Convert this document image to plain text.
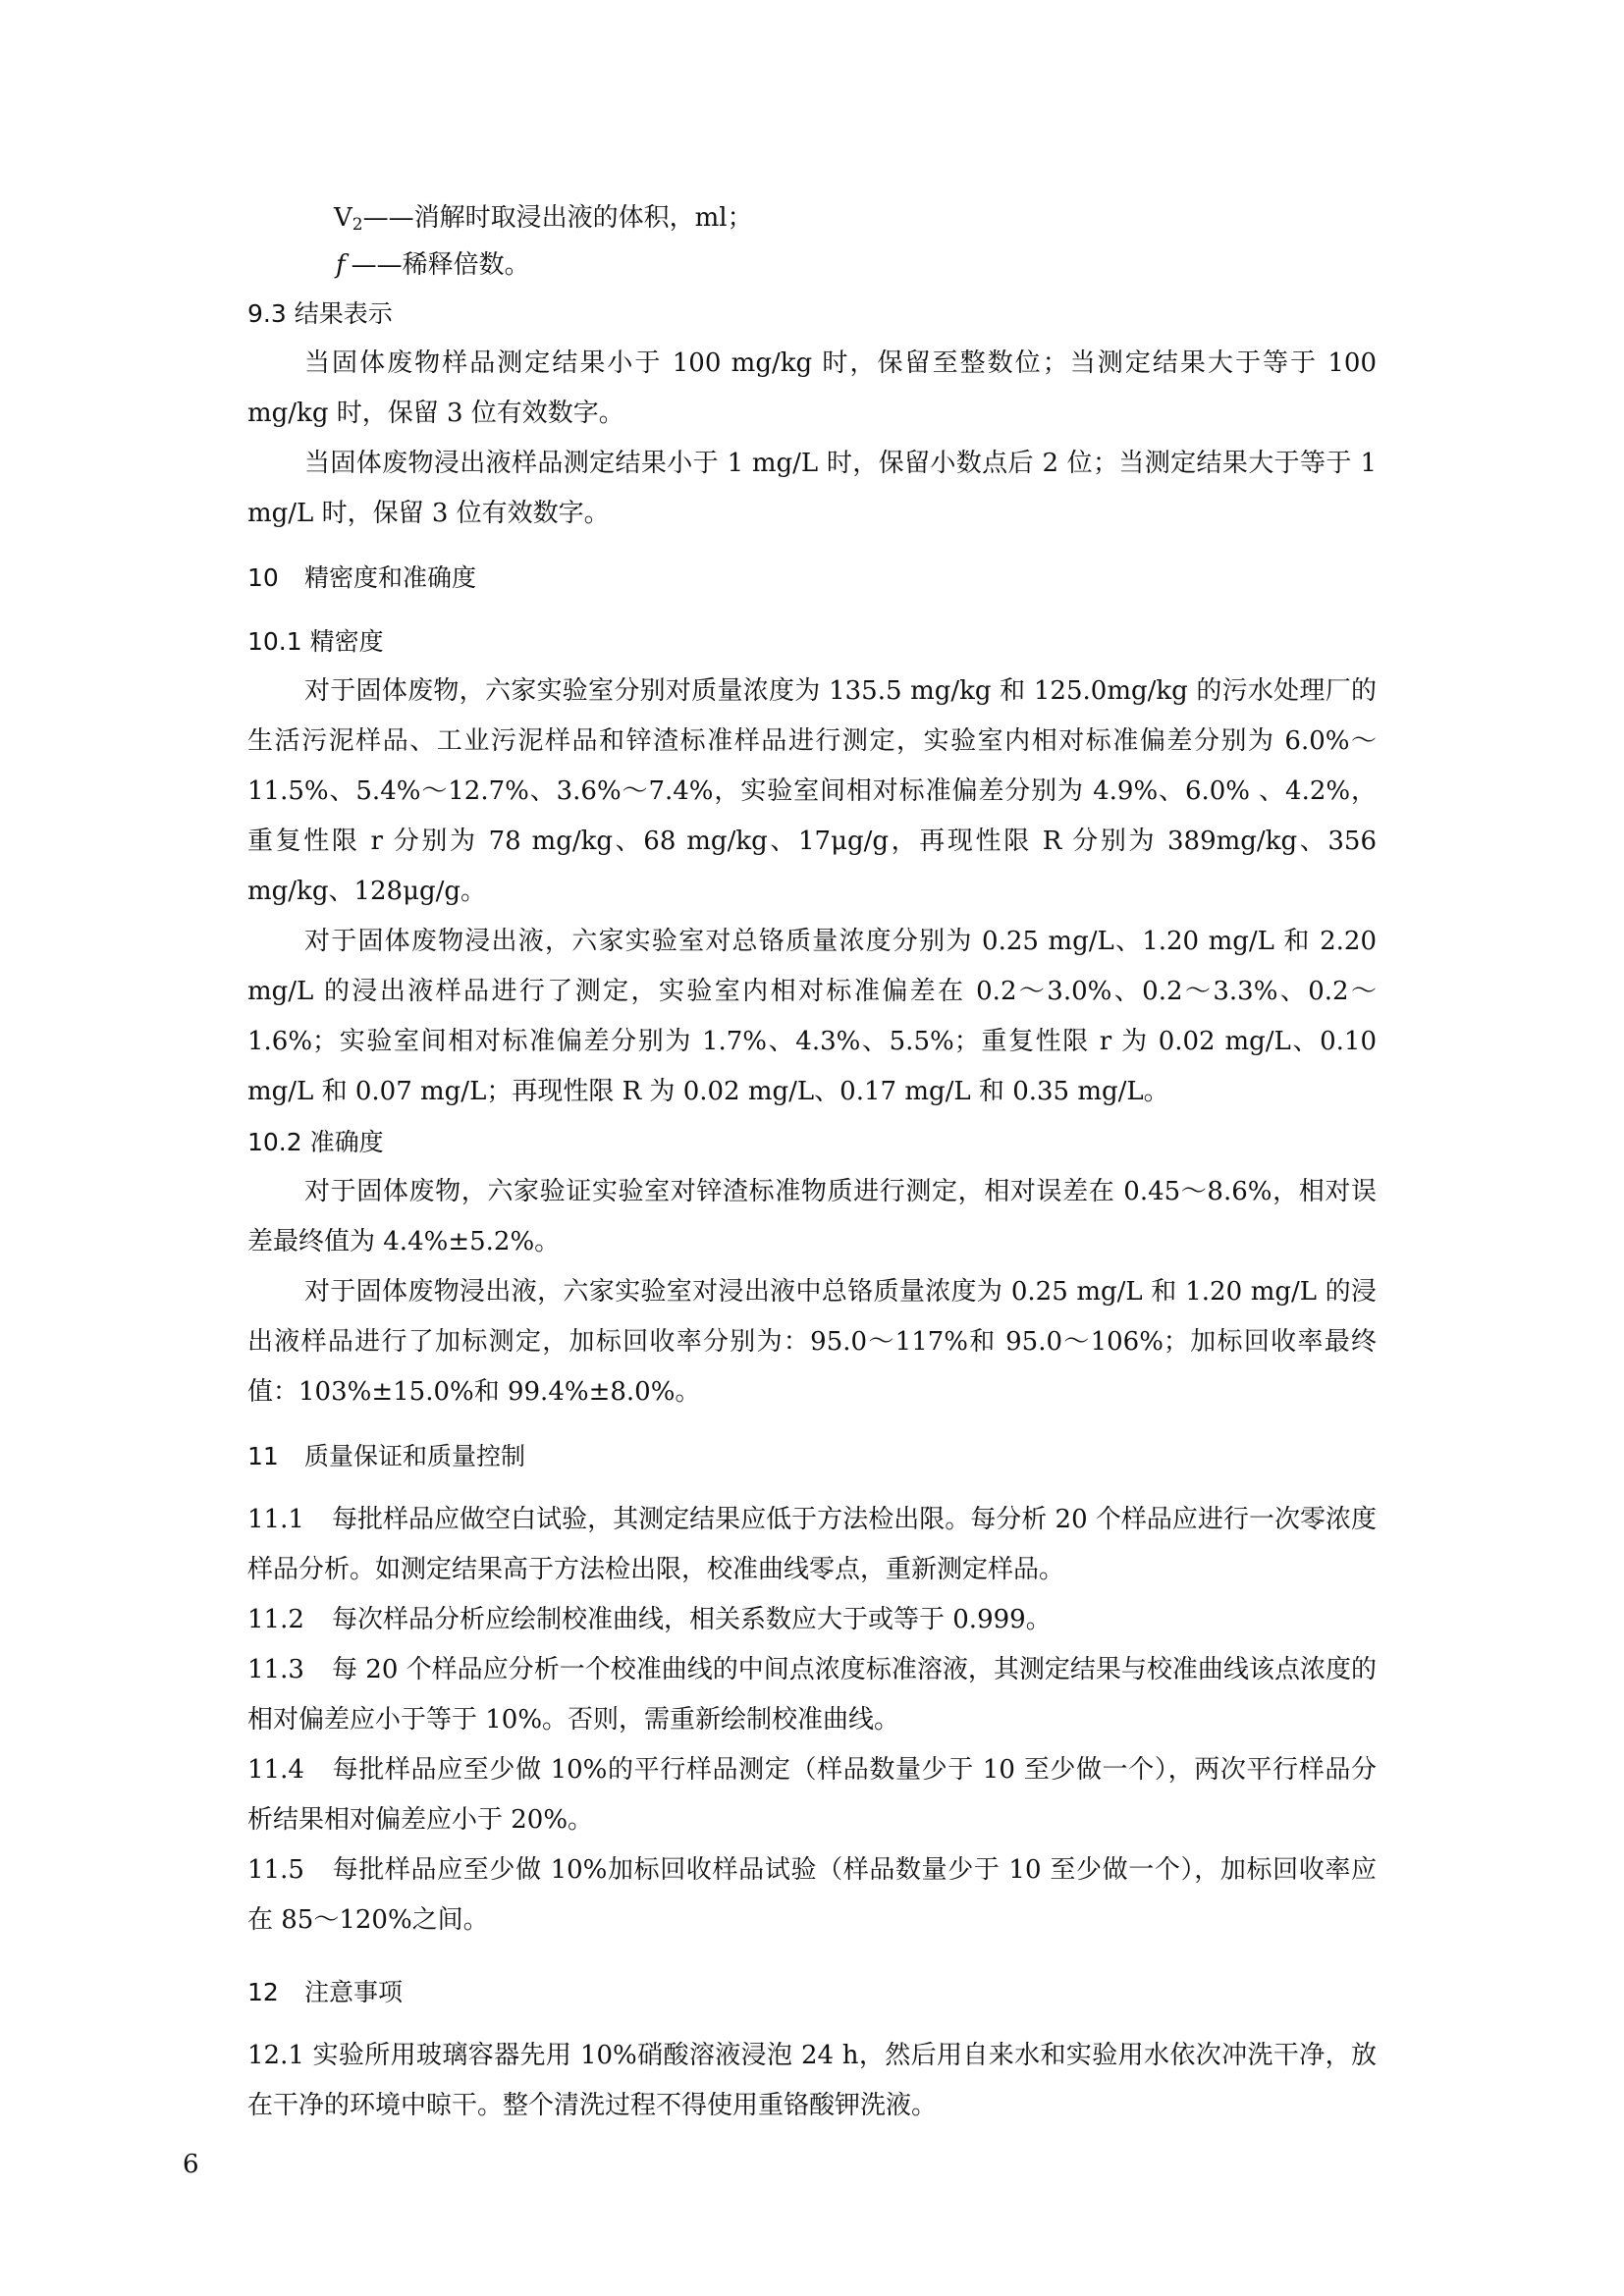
$V_2——$消解时取浸出液的体积，ml；

f ——稀释倍数。

9.3 结果表示

当固体废物样品测定结果小于 100 mg/kg 时，保留至整数位；当测定结果大于等于 100 mg/kg 时，保留 3 位有效数字。

当固体废物浸出液样品测定结果小于 1 mg/L 时，保留小数点后 2 位；当测定结果大于等于 1 mg/L 时，保留 3 位有效数字。

10 精密度和准确度

10.1 精密度

对于固体废物，六家实验室分别对质量浓度为 135.5 mg/kg 和 125.0mg/kg 的污水处理厂的生活污泥样品、工业污泥样品和锌渣标准样品进行测定，实验室内相对标准偏差分别为 6.0%～11.5%、5.4%～12.7%、3.6%～7.4%，实验室间相对标准偏差分别为 4.9%、6.0% 、4.2%，重复性限 r 分别为 78 mg/kg、68 mg/kg、17μg/g，再现性限 R 分别为 389mg/kg、356 mg/kg、128μg/g。

对于固体废物浸出液，六家实验室对总铬质量浓度分别为 0.25 mg/L、1.20 mg/L 和 2.20 mg/L 的浸出液样品进行了测定，实验室内相对标准偏差在 0.2～3.0%、0.2～3.3%、0.2～1.6%；实验室间相对标准偏差分别为 1.7%、4.3%、5.5%；重复性限 r 为 0.02 mg/L、0.10 mg/L 和 0.07 mg/L；再现性限 R 为 0.02 mg/L、0.17 mg/L 和 0.35 mg/L。

10.2 准确度

对于固体废物，六家验证实验室对锌渣标准物质进行测定，相对误差在 0.45～8.6%，相对误差最终值为 4.4%±5.2%。

对于固体废物浸出液，六家实验室对浸出液中总铬质量浓度为 0.25 mg/L 和 1.20 mg/L 的浸出液样品进行了加标测定，加标回收率分别为：95.0～117%和 95.0～106%；加标回收率最终值：103%±15.0%和 99.4%±8.0%。

11 质量保证和质量控制

11.1 每批样品应做空白试验，其测定结果应低于方法检出限。每分析 20 个样品应进行一次零浓度样品分析。如测定结果高于方法检出限，校准曲线零点，重新测定样品。

11.2 每次样品分析应绘制校准曲线，相关系数应大于或等于 0.999。

11.3 每 20 个样品应分析一个校准曲线的中间点浓度标准溶液，其测定结果与校准曲线该点浓度的相对偏差应小于等于 10%。否则，需重新绘制校准曲线。

11.4 每批样品应至少做 10%的平行样品测定（样品数量少于 10 至少做一个），两次平行样品分析结果相对偏差应小于 20%。

11.5 每批样品应至少做 10%加标回收样品试验（样品数量少于 10 至少做一个），加标回收率应在 85～120%之间。

12 注意事项

12.1 实验所用玻璃容器先用 10%硝酸溶液浸泡 24 h，然后用自来水和实验用水依次冲洗干净，放在干净的环境中晾干。整个清洗过程不得使用重铬酸钾洗液。

6
